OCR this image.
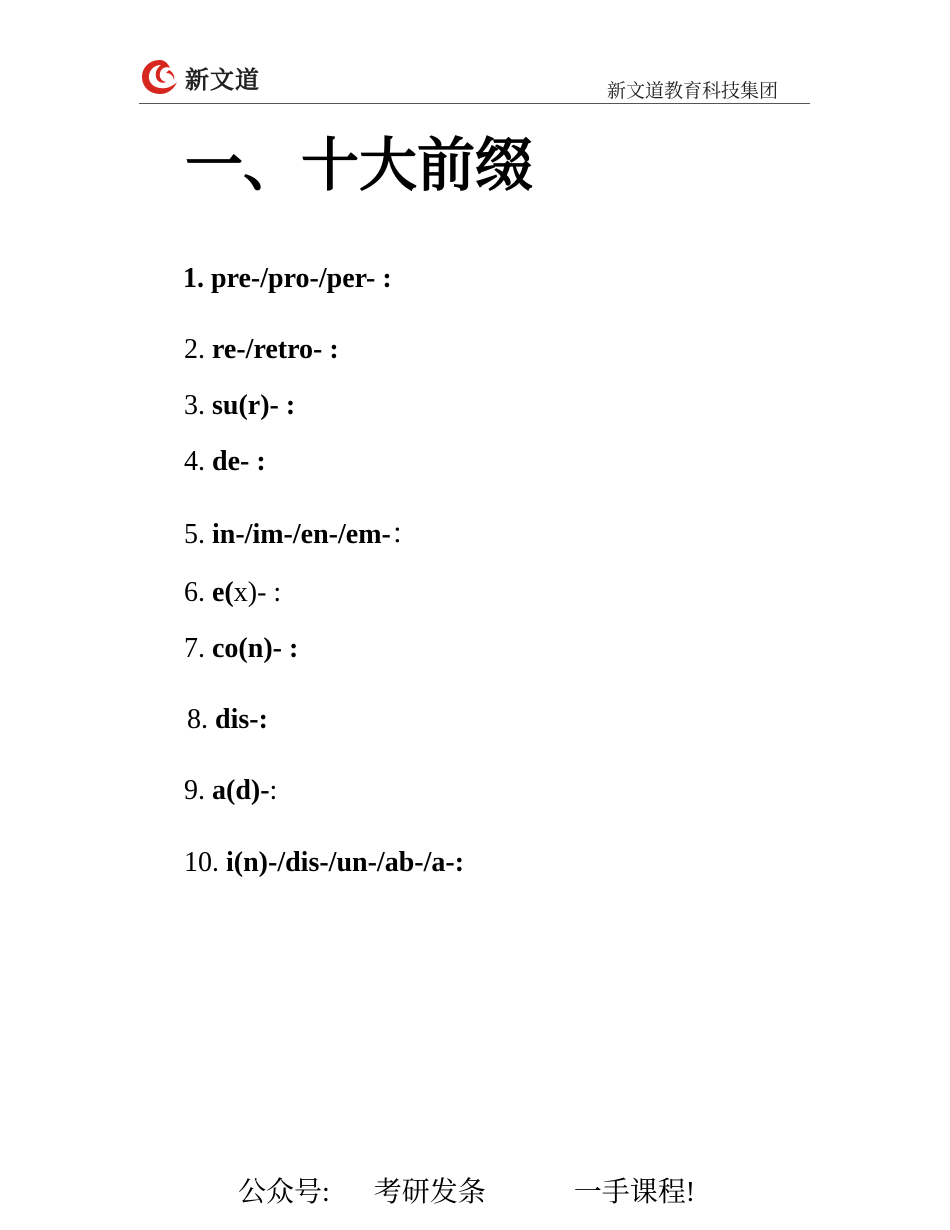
新文道	新文道教育科技集团
一、十大前缀
1. pre-/pro-/per- :
2. re-/retro- :
3. su(r)- :
4. de- :
5. in-/im-/en-/em-：
6. e(x)- :
7. co(n)- :
8. dis-:
9. a(d)-:
10. i(n)-/dis-/un-/ab-/a-:
公众号: 考研发条	一手课程!
